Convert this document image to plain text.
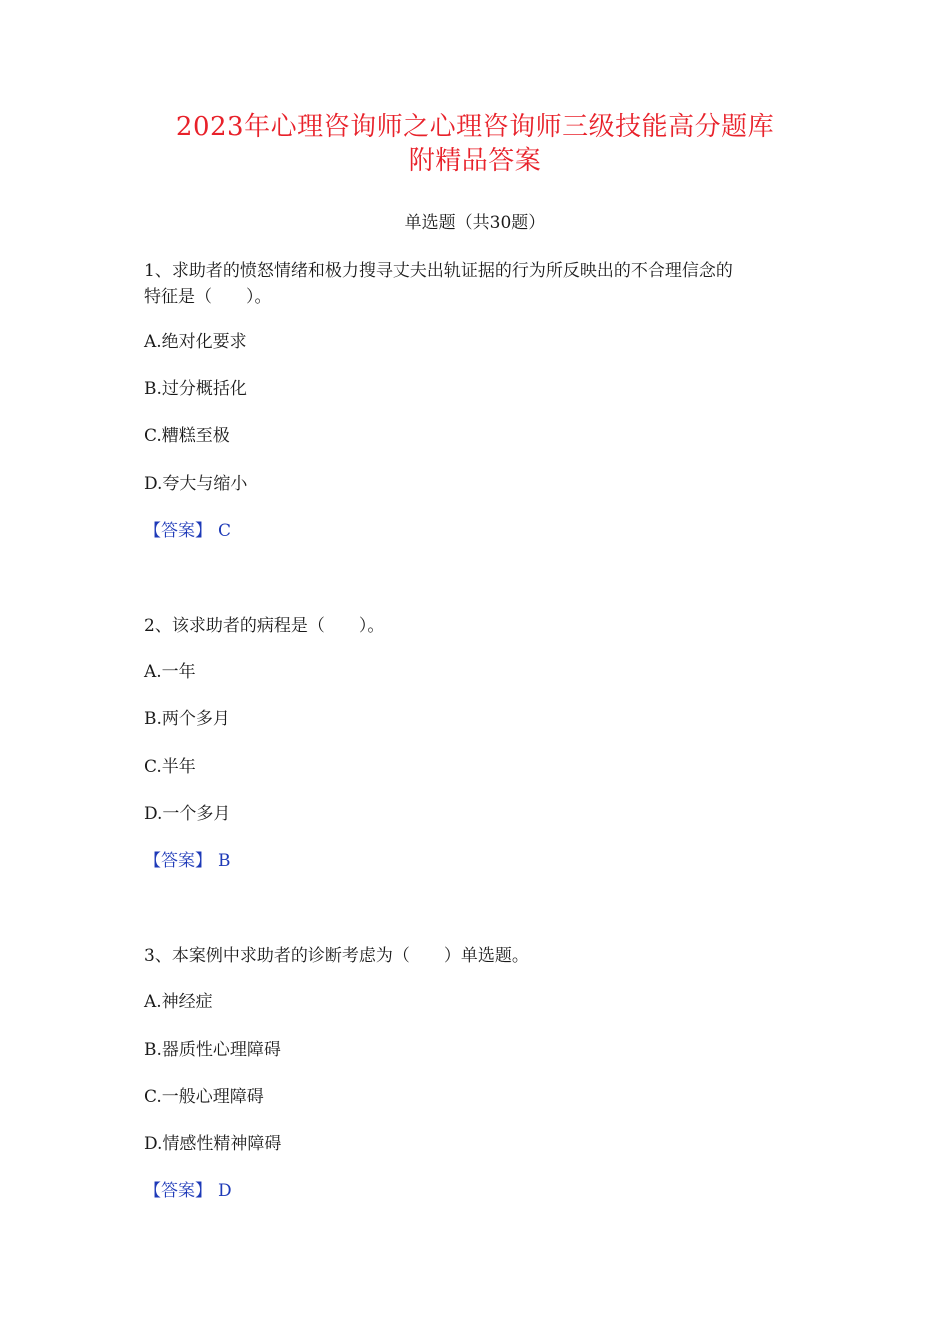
2023年心理咨询师之心理咨询师三级技能高分题库
附精品答案
单选题（共30题）
1、求助者的愤怒情绪和极力搜寻丈夫出轨证据的行为所反映出的不合理信念的
特征是（　　）。
A.绝对化要求
B.过分概括化
C.糟糕至极
D.夸大与缩小
【答案】 C
2、该求助者的病程是（　　）。
A.一年
B.两个多月
C.半年
D.一个多月
【答案】 B
3、本案例中求助者的诊断考虑为（　　）单选题。
A.神经症
B.器质性心理障碍
C.一般心理障碍
D.情感性精神障碍
【答案】 D
